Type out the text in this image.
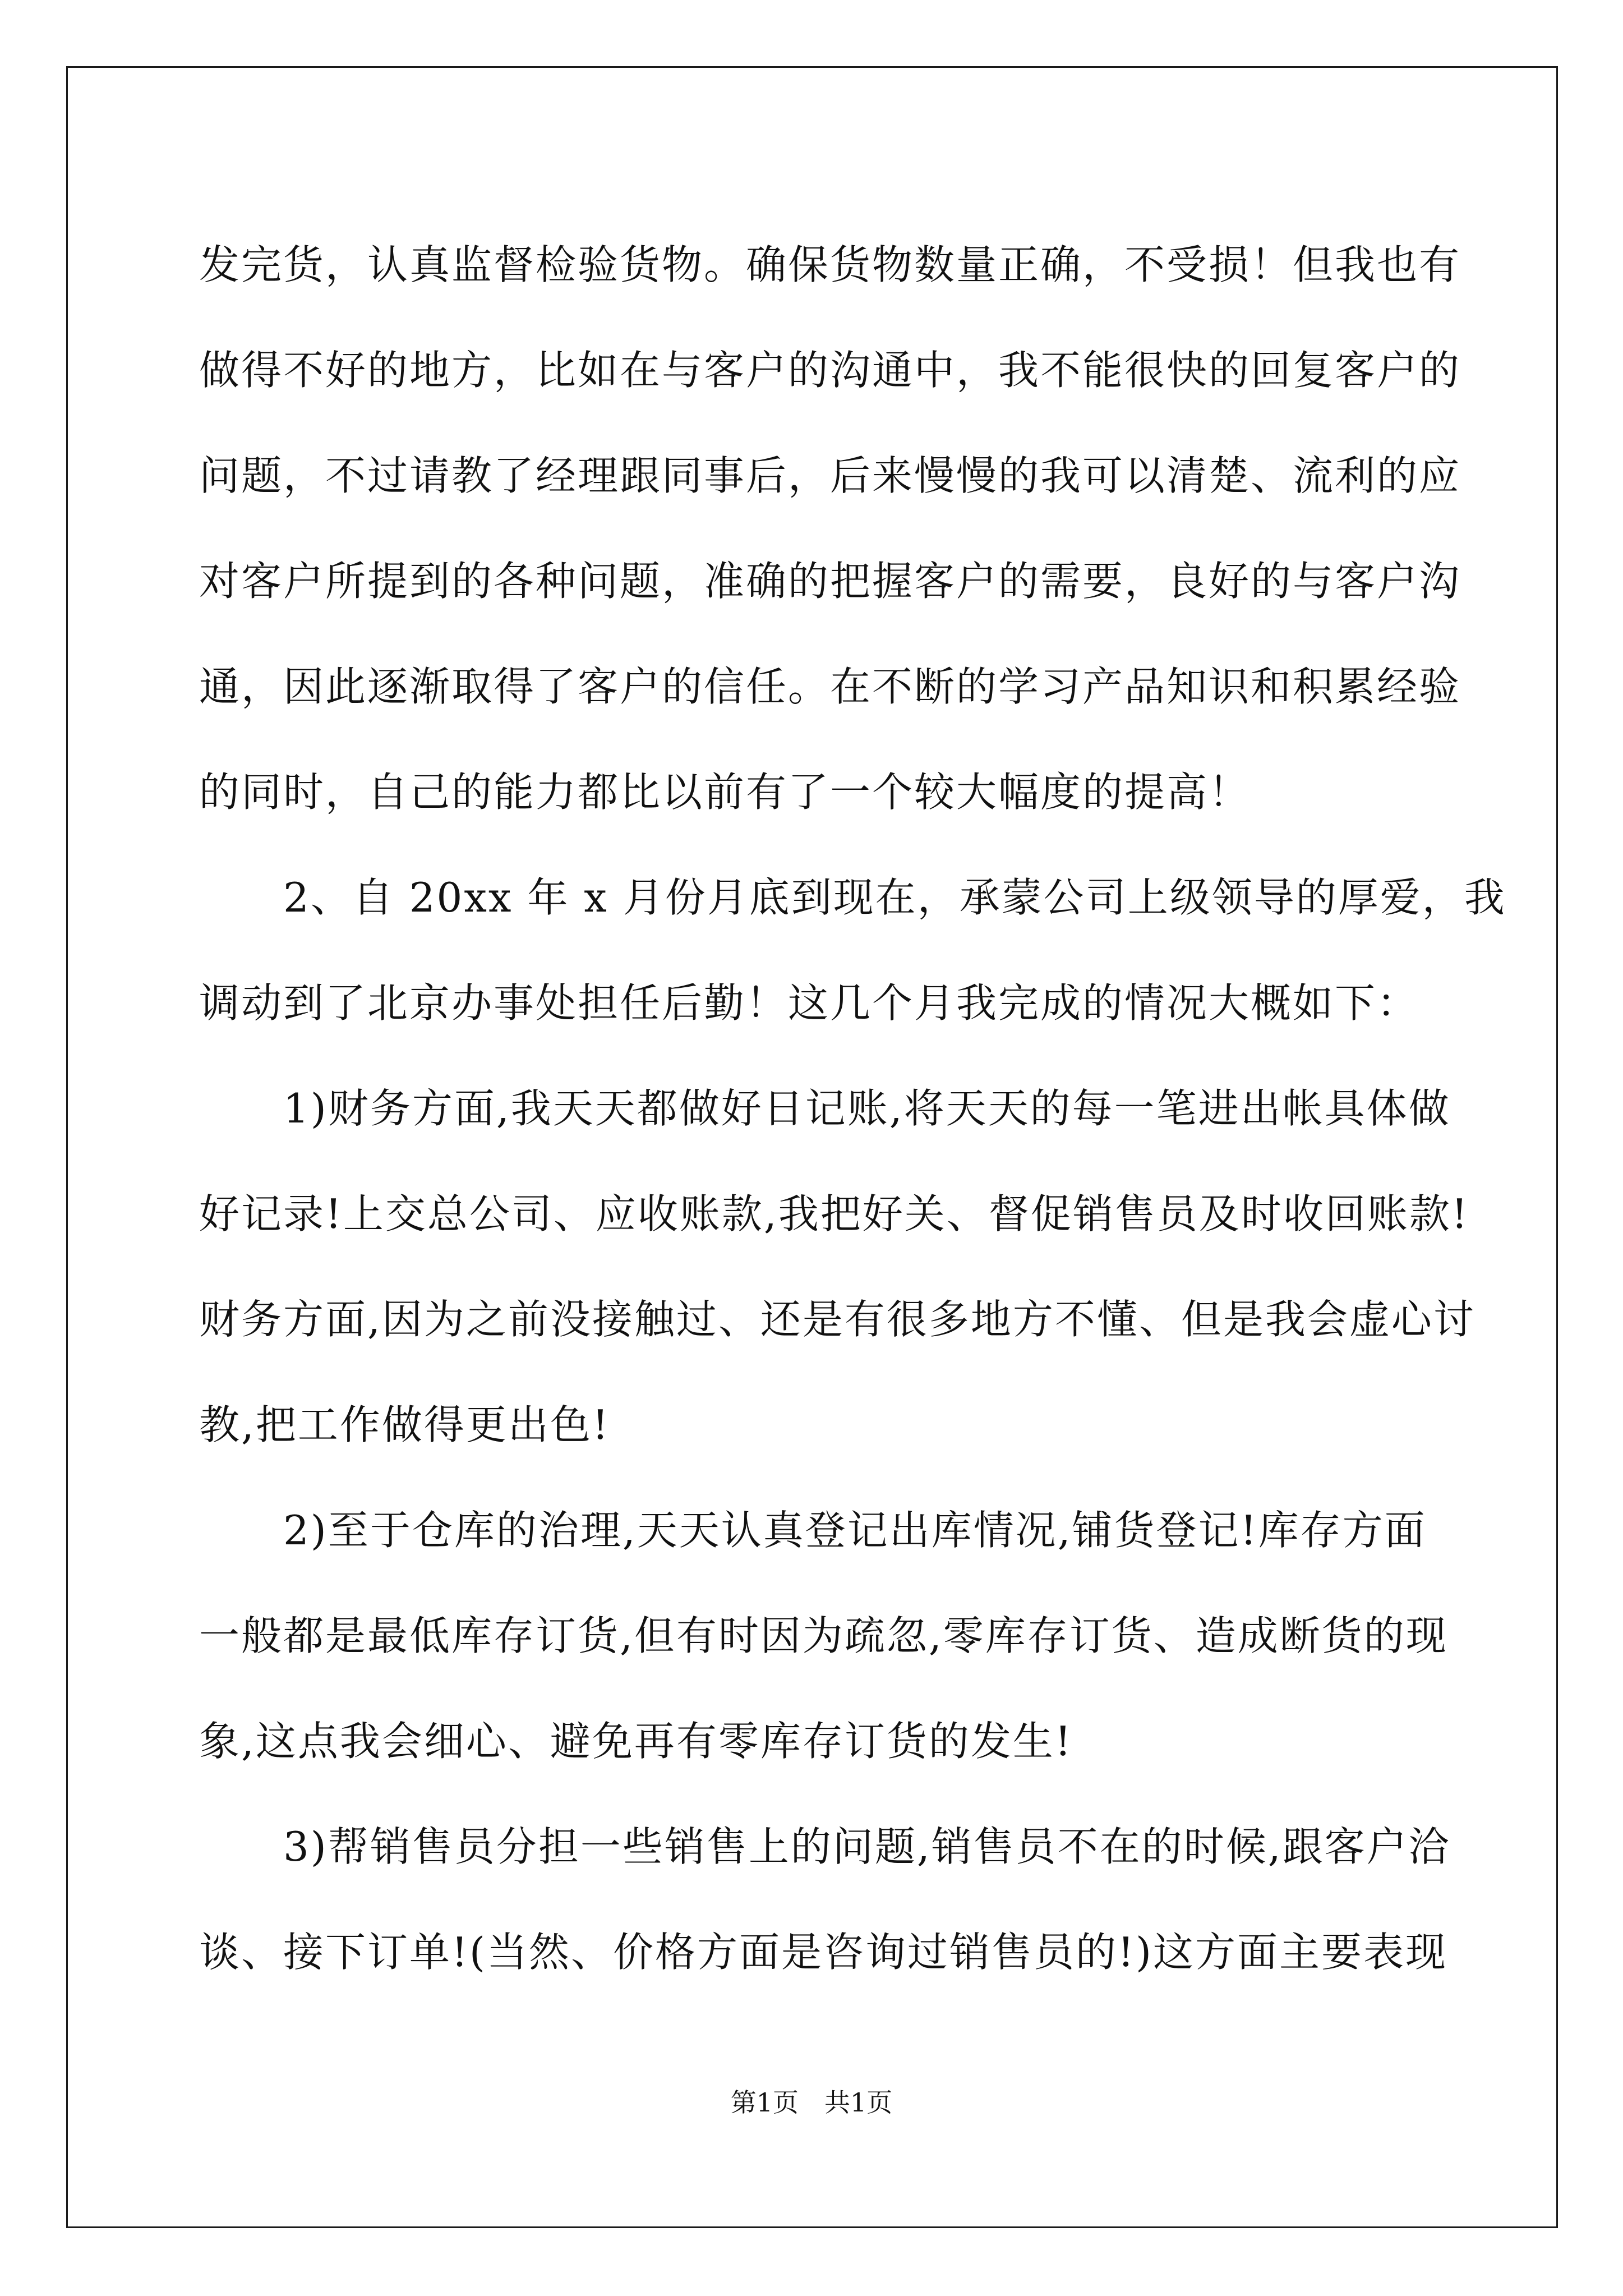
发完货，认真监督检验货物。确保货物数量正确，不受损！但我也有
做得不好的地方，比如在与客户的沟通中，我不能很快的回复客户的
问题，不过请教了经理跟同事后，后来慢慢的我可以清楚、流利的应
对客户所提到的各种问题，准确的把握客户的需要，良好的与客户沟
通，因此逐渐取得了客户的信任。在不断的学习产品知识和积累经验
的同时，自己的能力都比以前有了一个较大幅度的提高！
　　2、自 20xx 年 x 月份月底到现在，承蒙公司上级领导的厚爱，我
调动到了北京办事处担任后勤！这几个月我完成的情况大概如下：
　　1)财务方面,我天天都做好日记账,将天天的每一笔进出帐具体做
好记录!上交总公司、应收账款,我把好关、督促销售员及时收回账款!
财务方面,因为之前没接触过、还是有很多地方不懂、但是我会虚心讨
教,把工作做得更出色!
　　2)至于仓库的治理,天天认真登记出库情况,铺货登记!库存方面
一般都是最低库存订货,但有时因为疏忽,零库存订货、造成断货的现
象,这点我会细心、避免再有零库存订货的发生!
　　3)帮销售员分担一些销售上的问题,销售员不在的时候,跟客户洽
谈、接下订单!(当然、价格方面是咨询过销售员的!)这方面主要表现
第1页　共1页
